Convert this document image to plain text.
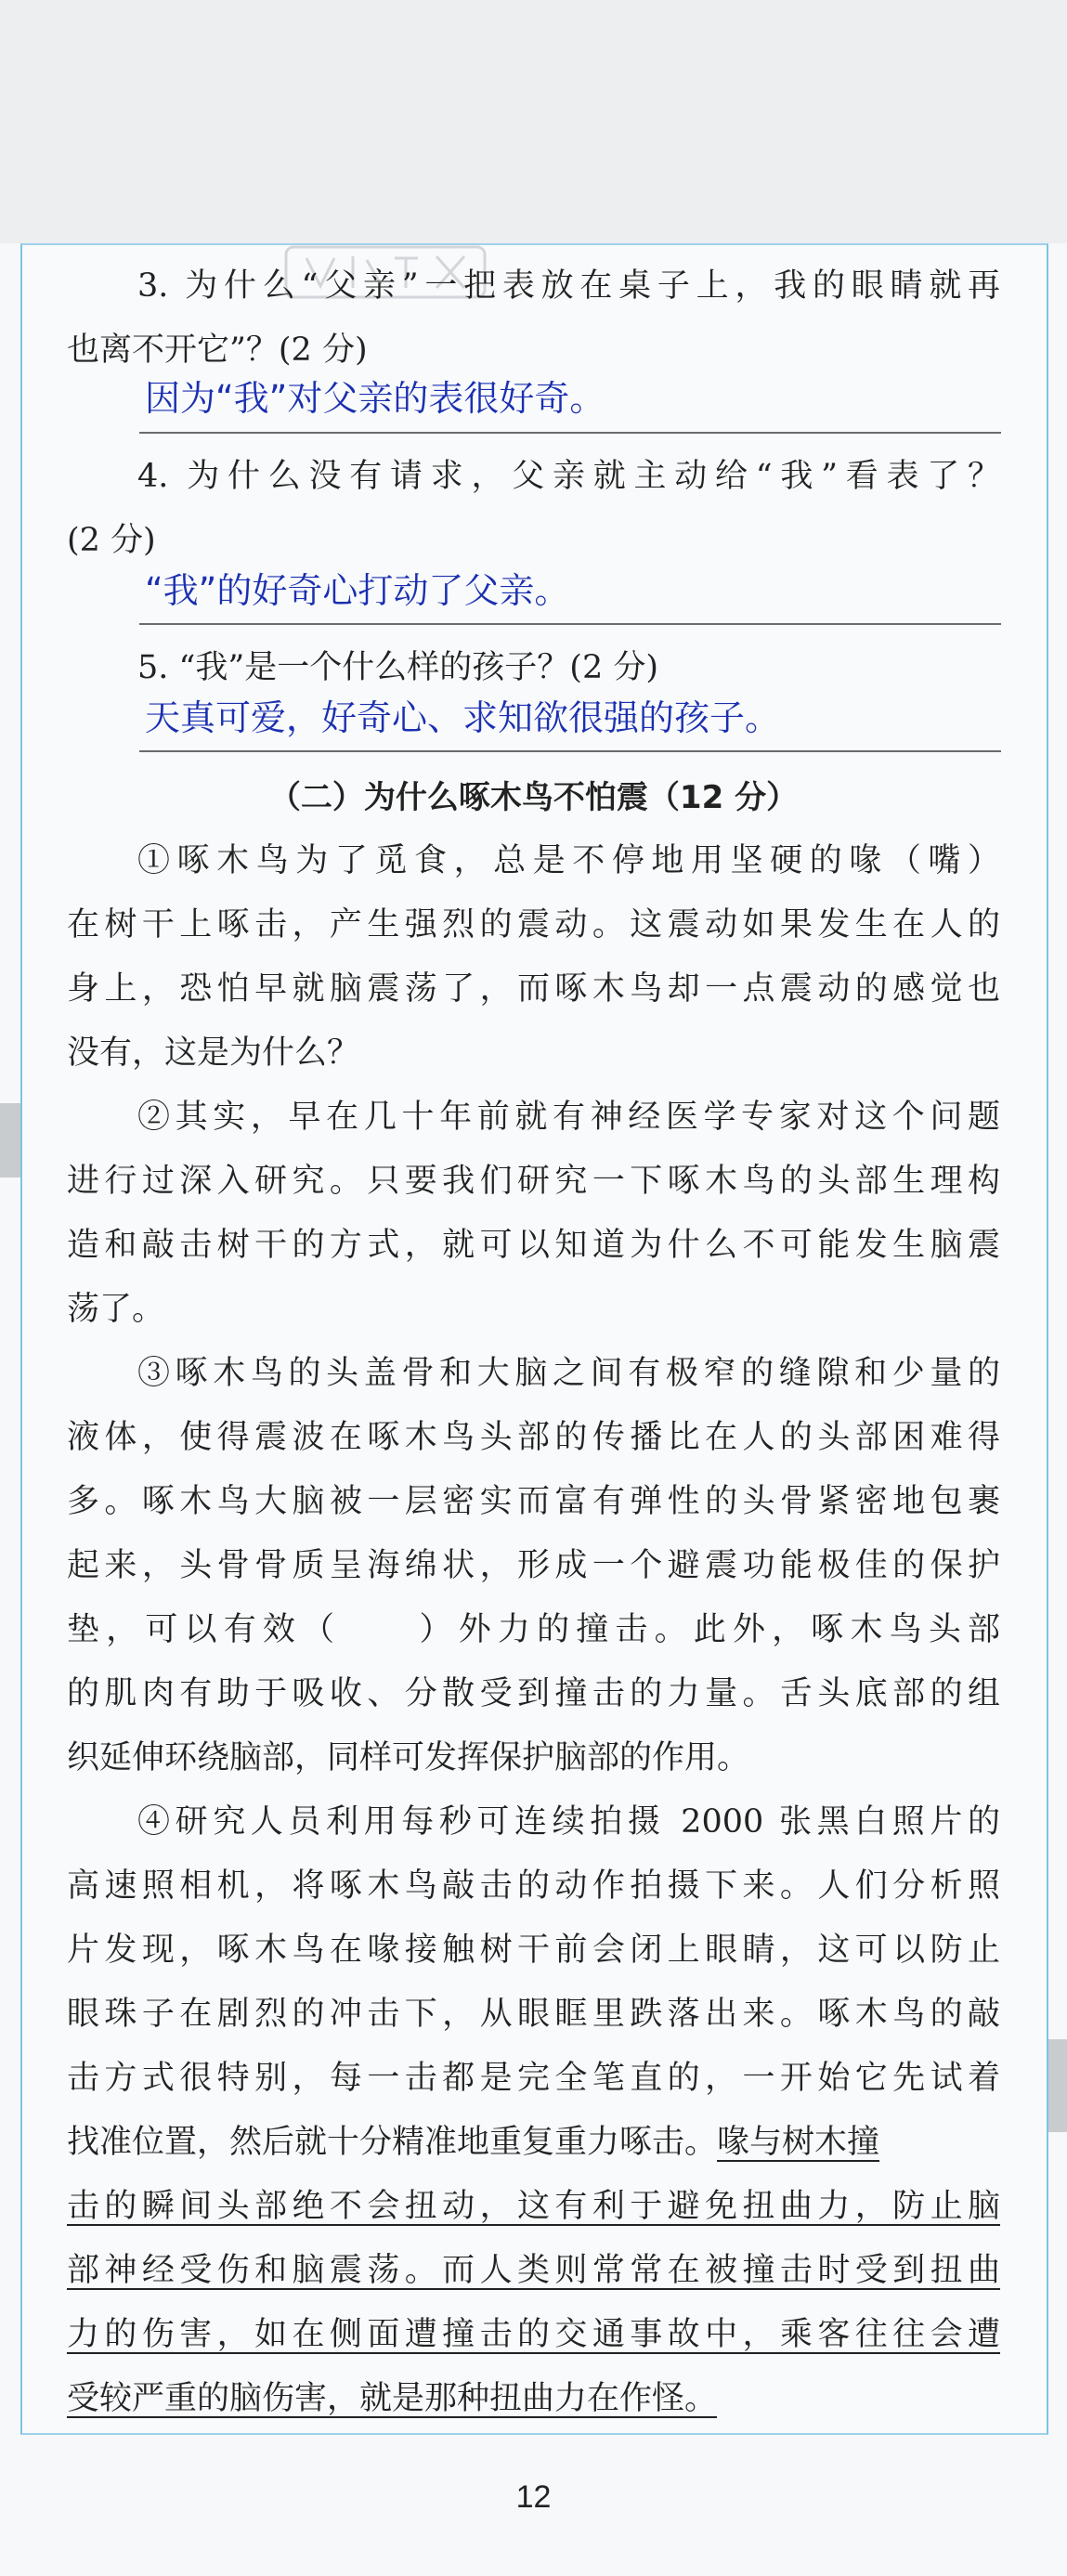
3. 为什么“父亲”一把表放在桌子上，我的眼睛就再
也离不开它”？(2 分)
因为“我”对父亲的表很好奇。
4. 为什么没有请求，父亲就主动给“我”看表了？
(2 分)
“我”的好奇心打动了父亲。
5. “我”是一个什么样的孩子？(2 分)
天真可爱，好奇心、求知欲很强的孩子。
（二）为什么啄木鸟不怕震（12 分）
①啄木鸟为了觅食，总是不停地用坚硬的喙（嘴）
在树干上啄击，产生强烈的震动。这震动如果发生在人的
身上，恐怕早就脑震荡了，而啄木鸟却一点震动的感觉也
没有，这是为什么？
②其实，早在几十年前就有神经医学专家对这个问题
进行过深入研究。只要我们研究一下啄木鸟的头部生理构
造和敲击树干的方式，就可以知道为什么不可能发生脑震
荡了。
③啄木鸟的头盖骨和大脑之间有极窄的缝隙和少量的
液体，使得震波在啄木鸟头部的传播比在人的头部困难得
多。啄木鸟大脑被一层密实而富有弹性的头骨紧密地包裹
起来，头骨骨质呈海绵状，形成一个避震功能极佳的保护
垫，可以有效（　　）外力的撞击。此外，啄木鸟头部
的肌肉有助于吸收、分散受到撞击的力量。舌头底部的组
织延伸环绕脑部，同样可发挥保护脑部的作用。
④研究人员利用每秒可连续拍摄 2000 张黑白照片的
高速照相机，将啄木鸟敲击的动作拍摄下来。人们分析照
片发现，啄木鸟在喙接触树干前会闭上眼睛，这可以防止
眼珠子在剧烈的冲击下，从眼眶里跌落出来。啄木鸟的敲
击方式很特别，每一击都是完全笔直的，一开始它先试着
找准位置，然后就十分精准地重复重力啄击。喙与树木撞
击的瞬间头部绝不会扭动，这有利于避免扭曲力，防止脑
部神经受伤和脑震荡。而人类则常常在被撞击时受到扭曲
力的伤害，如在侧面遭撞击的交通事故中，乘客往往会遭
受较严重的脑伤害，就是那种扭曲力在作怪。
12
